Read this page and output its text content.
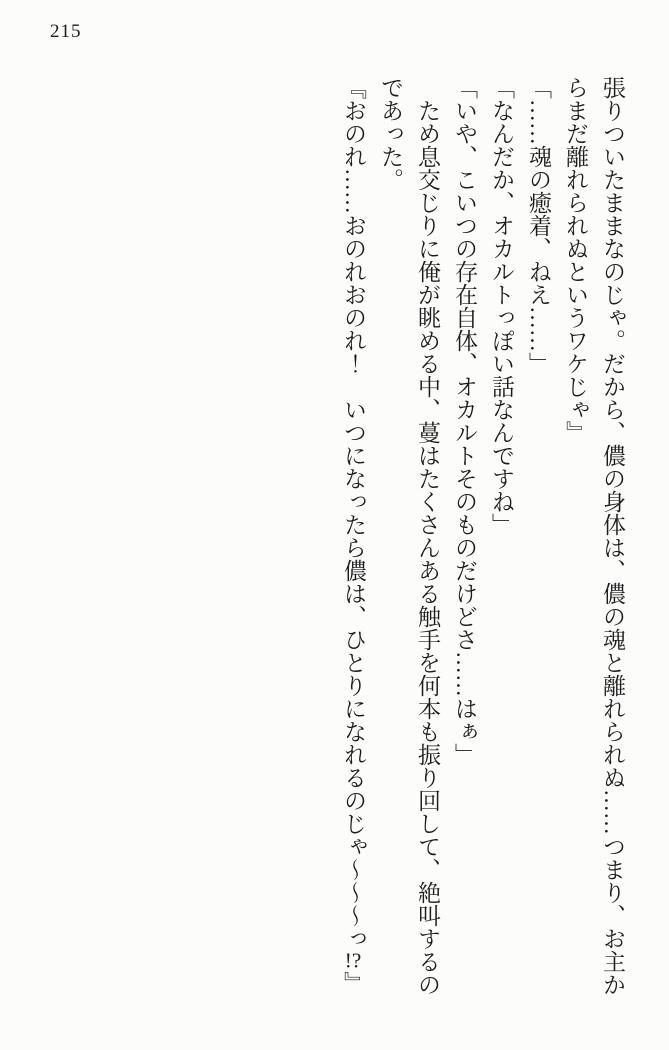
215
張りついたままなのじゃ。だから、儂の身体は、儂の魂と離れられぬ……つまり、お主か
らまだ離れられぬというワケじゃ』
「……魂の癒着、ねえ……」
「なんだか、オカルトっぽい話なんですね」
「いや、こいつの存在自体、オカルトそのものだけどさ……はぁ」
　ため息交じりに俺が眺める中、蔓はたくさんある触手を何本も振り回して、絶叫するの
であった。
『おのれ……おのれおのれ！　いつになったら儂は、ひとりになれるのじゃ〜〜〜っ!?』
